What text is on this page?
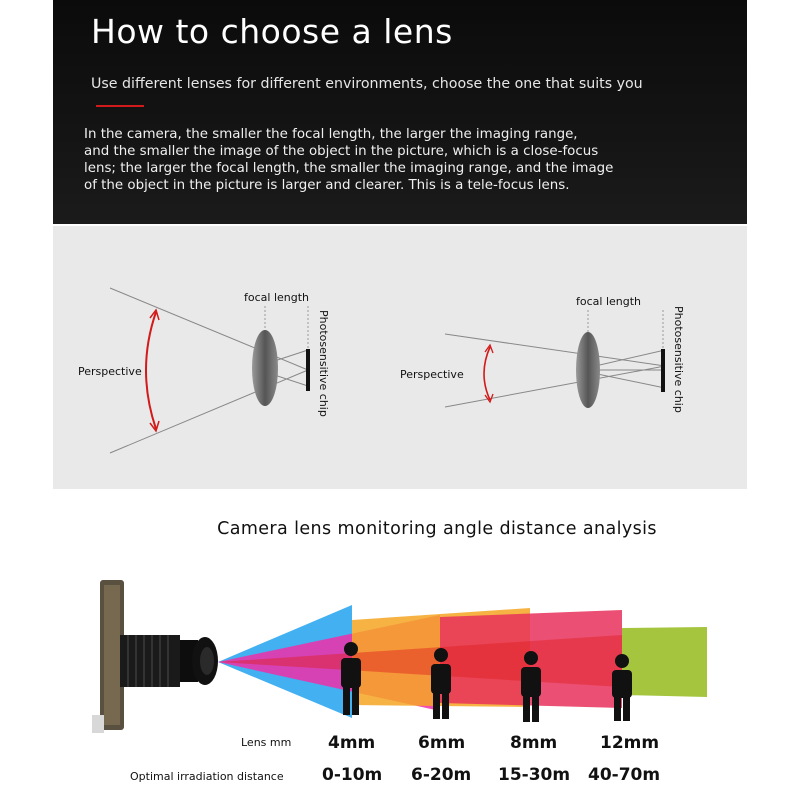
How to choose a lens
Use different lenses for different environments, choose the one that suits you
In the camera, the smaller the focal length, the larger the imaging range,
and the smaller the image of the object in the picture, which is a close-focus
lens; the larger the focal length, the smaller the imaging range, and the image
of the object in the picture is larger and clearer. This is a tele-focus lens.
Perspective
focal length
Photosensitive chip	Perspective
focal length
Photosensitive chip
Camera lens monitoring angle distance analysis
Lens mm 4mm	6mm	8mm	12mm
Optimal irradiation distance 0-10m 6-20m 15-30m 40-70m
